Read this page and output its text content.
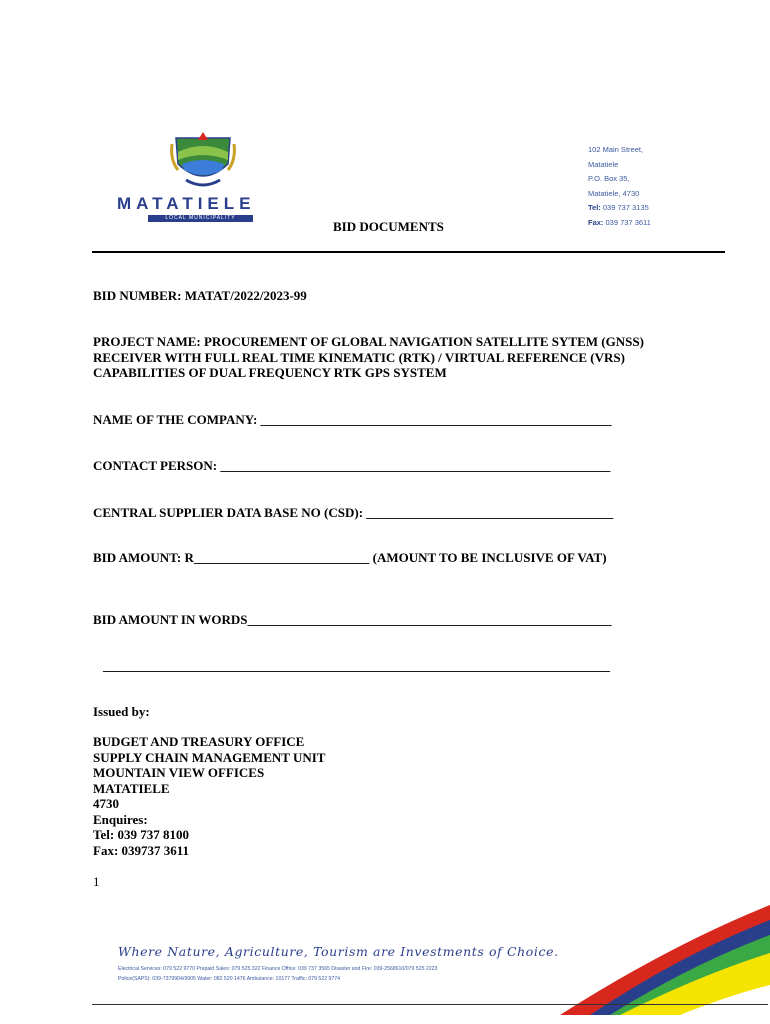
MATATIELE
LOCAL MUNICIPALITY
102 Main Street,
Matatiele
P.O. Box 35,
Matatiele, 4730
Tel: 039 737 3135
Fax: 039 737 3611
BID DOCUMENTS
BID NUMBER: MATAT/2022/2023-99
PROJECT NAME: PROCUREMENT OF GLOBAL NAVIGATION SATELLITE SYTEM (GNSS)
RECEIVER WITH FULL REAL TIME KINEMATIC (RTK) / VIRTUAL REFERENCE (VRS)
CAPABILITIES OF DUAL FREQUENCY RTK GPS SYSTEM
NAME OF THE COMPANY: ______________________________________________________
CONTACT PERSON: ____________________________________________________________
CENTRAL SUPPLIER DATA BASE NO (CSD): ______________________________________
BID AMOUNT: R___________________________ (AMOUNT TO BE INCLUSIVE OF VAT)
BID AMOUNT IN WORDS________________________________________________________
______________________________________________________________________________
Issued by:
BUDGET AND TREASURY OFFICE
SUPPLY CHAIN MANAGEMENT UNIT
MOUNTAIN VIEW OFFICES
MATATIELE
4730
Enquires:
Tel: 039 737 8100
Fax: 039737 3611
1
Where Nature, Agriculture, Tourism are Investments of Choice.
Electrical Services: 079 522 9770 Prepaid Sales: 079 525 322 Finance Office: 039 737 3565 Disaster and Fire: 039-2568610/079 525 2223
Police(SAPS): 039-7379904/9905 Water: 082 520 1476 Ambulance: 10177 Traffic: 079 522 9774
